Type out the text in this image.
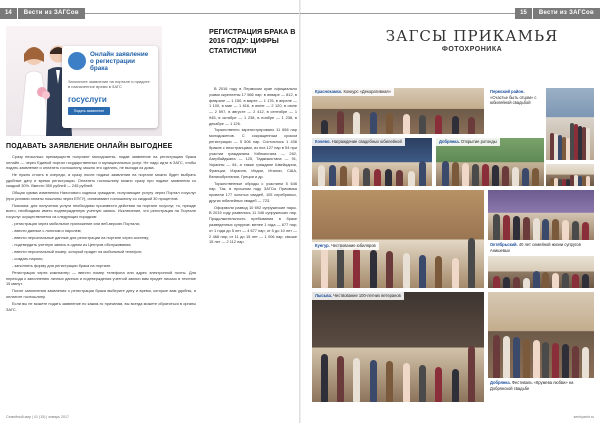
14	Вести из ЗАГСов
Онлайн заявление о регистрации брака
Заполните заявление на портале и придите в назначенное время в ЗАГС
госуслуги
Подать заявление
ПОДАВАТЬ ЗАЯВЛЕНИЕ ОНЛАЙН ВЫГОДНЕЕ

Сразу несколько преимуществ получают молодожены, подав заявление на регистрацию брака онлайн — через Единый портал государственных и муниципальных услуг. Не надо идти в ЗАГС, чтобы подать заявление и оплатить госпошлину, можно это сделать, не выходя из дома.

Не нужно стоять в очереди, а сразу после подачи заявления на портале можно будет выбрать удобные дату и время регистрации. Оплатить госпошлину можно сразу при подаче заявления со скидкой 30%. Вместо 350 рублей — 245 рублей.

Общая сумма изменения Налогового кодекса граждане, получающие услугу через Портал госуслуг (при условии оплаты пошлины через ЕПГУ), оплачивают госпошлину со скидкой 30 процентов.

Поясним: для получения услуги необходимо произвести действия на портале госуслуг, то, прежде всего, необходимо иметь подтвержденную учетную запись. Исключение, что регистрация на Портале госуслуг осуществляется из следующих порядков:

- регистрация через мобильное приложение или веб-версию Портала;

- ввести данные с логином и паролем;

- ввести персональные данные для регистрации на портале через систему;

- подтвердить учетную запись в одном из Центров обслуживания;

- ввести персональный номер, который придет на мобильный телефон;

- создать пароль;

- заполнить форму для регистрации брака на портале.

Регистрация через компьютер — ввести номер телефона или адрес электронной почты. Для перехода к заполнению личных данных и подтверждения учетной записи вам придет письмо в течение 15 минут.

После заполнения заявления о регистрации брака выберите дату и время, которые вам удобны, и оплатите госпошлину.

Если вы не можете подать заявление по каким-то причинам, вы всегда можете обратиться в органы ЗАГС.

РЕГИСТРАЦИЯ БРАКА В 2016 ГОДУ: ЦИФРЫ СТАТИСТИКИ

В 2016 году в Пермском крае официально узами скреплены 17 566 пар: в январе — 812, в феврале — 1 150, в марте — 1 176, в апреле — 1 100, в мае — 1 616, в июне — 2 120, в июле — 2 597, в августе — 2 412, в сентябре — 1 945, в октябре — 1 238, в ноябре — 1 238, в декабре — 1 126.

Торжественно зарегистрировано 11 656 пар молодоженов. С сокращенным сроком регистрации — 5 506 пар. Состоялось 1 436 браков с иностранцами, из них 127 пар в 54 при участии гражданина Узбекистана — 262, Азербайджана — 125, Таджикистана — 91, Украины — 64, а также граждане Швейцарии, Франции, Израиля, Индии, Италии, США, Великобритании, Греции и др.

Торжественные обряды с участием 5 646 пар. Так, в прошлом году ЗАГСы Прикамья провели 177 золотых свадеб, 105 серебряных, других юбилейных свадеб — 723.

Оформили развод 10 692 супружеские пары. В 2015 году развелись 11 346 супружеских пар. Продолжительность пребывания в браке разведенных супругов: менее 1 года — 677 пар; от 1 года до 5 лет — 4 677 пар; от 5 до 10 лет — 2 468 пар; от 11 до 15 лет — 1 006 пар; свыше 15 лет — 2 112 пар.

Семейный мир | 01 (15) | январь 2017
15	Вести из ЗАГСов
ЗАГСЫ ПРИКАМЬЯ
ФОТОХРОНИКА
Краснокамск. Конкурс «Декоративная»	Пермский район. «Счастье быть отцом» с юбилейной свадьбой
Кочево. Награждение свадебных юбилейной	Добрянка. Открытие ротонды
Кунгур. Чествование юбиляров	Октябрьский. 40 лет семейной жизни супругов Анишевых
Лысьва. Чествование 100-летних ветеранов
Добрянка. Фестиваль «Кружева любви» на Добрянской свадьбе
semiyamir.ru
